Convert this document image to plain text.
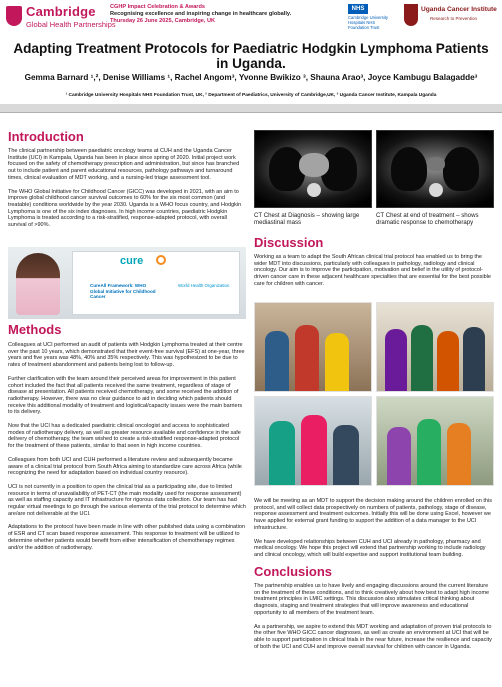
Cambridge
Global Health Partnerships
CGHP Impact Celebration & Awards
Recognising excellence and inspiring change in healthcare globally.
Thursday 26 June 2025, Cambridge, UK
NHS
Cambridge University Hospitals NHS Foundation Trust
Uganda Cancer Institute
Research to Prevention
Adapting Treatment Protocols for Paediatric Hodgkin Lymphoma Patients in Uganda.
Gemma Barnard ¹,², Denise Williams ¹, Rachel Angom³, Yvonne Bwikizo ³, Shauna Arao³, Joyce Kambugu Balagadde³
¹ Cambridge University Hospitals NHS Foundation Trust, UK, ² Department of Paediatrics, University of Cambridge,UK, ³ Uganda Cancer Institute, Kampala Uganda
Introduction
The clinical partnership between paediatric oncology teams at CUH and the Uganda Cancer Institute (UCI) in Kampala, Uganda has been in place since spring of 2020. Initial project work focused on the safety of chemotherapy prescription and administration, but since has branched out to include patient and parent educational resources, pathology pathways and turnaround times, clinical evaluation of MDT working, and a nursing-led triage assessment tool.
The WHO Global Initiative for Childhood Cancer (GICC) was developed in 2021, with an aim to improve global childhood cancer survival outcomes to 60% for the six most common (and treatable) conditions worldwide by the year 2030. Uganda is a WHO focus country, and Hodgkin Lymphoma is one of the six index diagnoses. In high income countries, paediatric Hodgkin Lymphoma is treated according to a risk-stratified, response-adapted protocol, with overall survival of >90%.
cure
CureAll Framework: WHO Global Initiative for Childhood Cancer
World Health Organization
Methods
Colleagues at UCI performed an audit of patients with Hodgkin Lymphoma treated at their centre over the past 10 years, which demonstrated that their event-free survival (EFS) at one-year, three years and five years was 48%, 40% and 35% respectively. This was hypothesized to be due to rates of treatment abandonment and patients being lost to follow-up.
Further clarification with the team around their perceived areas for improvement in this patient cohort included the fact that all patients received the same treatment, regardless of stage of disease at presentation. All patients received chemotherapy, and some received the addition of radiotherapy. However, there was no clear guidance to aid in deciding which patients should receive this additional modality of treatment and logistical/capacity issues were the main barriers to its delivery.
Now that the UCI has a dedicated paediatric clinical oncologist and access to sophisticated modes of radiotherapy delivery, as well as greater resource available and confidence in the safe delivery of chemotherapy, the team wished to create a risk-stratified response-adapted protocol for the treatment of these patients, similar to that seen in high income countries.
Colleagues from both UCI and CUH performed a literature review and subsequently became aware of a clinical trial protocol from South Africa aiming to standardize care across Africa (while recognizing the need for adaptation based on individual country resource).
UCI is not currently in a position to open the clinical trial as a participating site, due to limited resource in terms of unavailability of PET-CT (the main modality used for response assessment) as well as staffing capacity and IT infrastructure for rigorous data collection. Our team has had regular virtual meetings to go through the various elements of the trial protocol to determine which are/are not deliverable at the UCI.
Adaptations to the protocol have been made in line with other published data using a combination of ESR and CT scan based response assessment. This response to treatment will be utilized to determine whether patients would benefit from either intensification of chemotherapy regimes and/or the addition of radiotherapy.
CT Chest at Diagnosis – showing large mediastinal mass
CT Chest at end of treatment – shows dramatic response to chemotherapy
Discussion
Working as a team to adapt the South African clinical trial protocol has enabled us to bring the wider MDT into discussions, particularly with colleagues in pathology, radiology and clinical oncology. Our aim is to improve the participation, motivation and belief in the utility of protocol-driven cancer care in these adjacent healthcare specialties that are essential for the best possible care for children with cancer.
We will be meeting as an MDT to support the decision making around the children enrolled on this protocol, and will collect data prospectively on numbers of patients, pathology, stage of disease, response assessment and treatment outcomes. Initially this will be done using Excel, however we have applied for external grant funding to support the addition of a data manager to the UCI infrastructure.
We have developed relationships between CUH and UCI already in pathology, pharmacy and medical oncology. We hope this project will extend that partnership working to include radiology and clinical oncology, which will build expertise and support institutional team building.
Conclusions
The partnership enables us to have lively and engaging discussions around the current literature on the treatment of these conditions, and to think creatively about how best to adapt high income treatment principles in LMIC settings. This discussion also stimulates critical thinking about diagnosis, staging and treatment strategies that will improve awareness and educational opportunity to all members of the treatment team.
As a partnership, we aspire to extend this MDT working and adaptation of proven trial protocols to the other five WHO GICC cancer diagnoses, as well as create an environment at UCI that will be able to support participation in clinical trials in the near future, increase the resilience and capacity of both the UCI and CUH and improve overall survival for children with cancer in Uganda.
